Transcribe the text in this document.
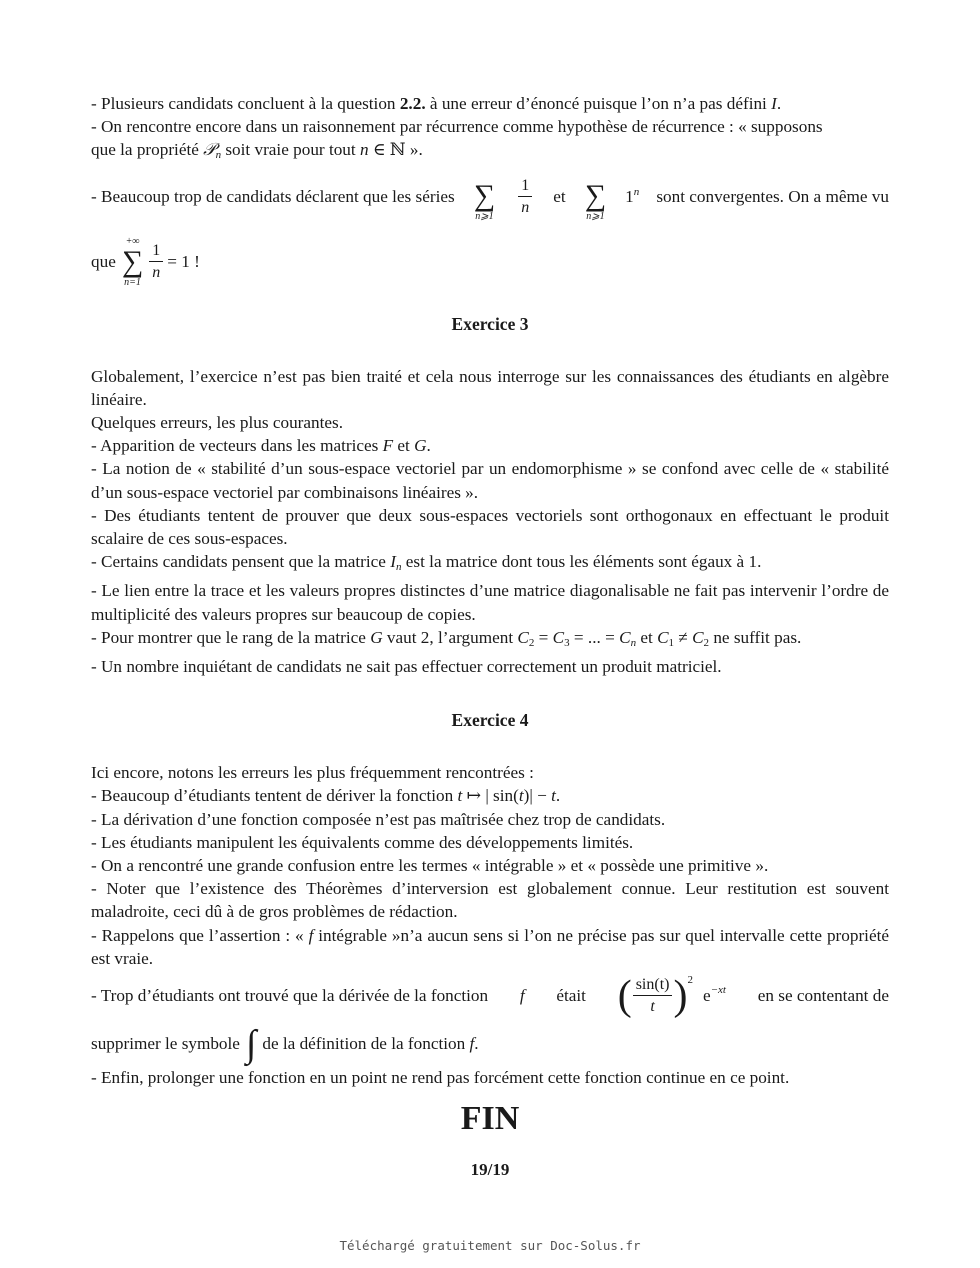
- Plusieurs candidats concluent à la question 2.2. à une erreur d’énoncé puisque l’on n’a pas défini I.

- On rencontre encore dans un raisonnement par récurrence comme hypothèse de récurrence : « supposons

que la propriété 𝒫$_n$ soit vraie pour tout n ∈ ℕ ».

- Beaucoup trop de candidats déclarent que les séries ∑
n⩾1
$\frac{1}{n}$ et ∑
n⩾1
1$^n$ sont convergentes. On a même vu
que
+∞
∑
n=1
$\frac{1}{n} = 1$ !
Exercice 3

Globalement, l’exercice n’est pas bien traité et cela nous interroge sur les connaissances des étudiants en algèbre linéaire.

Quelques erreurs, les plus courantes.

- Apparition de vecteurs dans les matrices F et G.

- La notion de « stabilité d’un sous-espace vectoriel par un endomorphisme » se confond avec celle de « stabilité d’un sous-espace vectoriel par combinaisons linéaires ».

- Des étudiants tentent de prouver que deux sous-espaces vectoriels sont orthogonaux en effectuant le produit scalaire de ces sous-espaces.

- Certains candidats pensent que la matrice $I_n$ est la matrice dont tous les éléments sont égaux à 1.

- Le lien entre la trace et les valeurs propres distinctes d’une matrice diagonalisable ne fait pas intervenir l’ordre de multiplicité des valeurs propres sur beaucoup de copies.

- Pour montrer que le rang de la matrice G vaut 2, l’argument $C_2 = C_3$ = ... = $C_n$ et $C_1 \ne C_2$ ne suffit pas.

- Un nombre inquiétant de candidats ne sait pas effectuer correctement un produit matriciel.

Exercice 4

Ici encore, notons les erreurs les plus fréquemment rencontrées :

- Beaucoup d’étudiants tentent de dériver la fonction t ↦ | sin(t)| − t.

- La dérivation d’une fonction composée n’est pas maîtrisée chez trop de candidats.

- Les étudiants manipulent les équivalents comme des développements limités.

- On a rencontré une grande confusion entre les termes « intégrable » et « possède une primitive ».

- Noter que l’existence des Théorèmes d’interversion est globalement connue. Leur restitution est souvent maladroite, ceci dû à de gros problèmes de rédaction.

- Rappelons que l’assertion : « f intégrable »n’a aucun sens si l’on ne précise pas sur quel intervalle cette propriété est vraie.

- Trop d’étudiants ont trouvé que la dérivée de la fonction f était ( $\frac{\sin(t)}{t}$ ) 2
e −xt en se contentant de
supprimer le symbole ∫ de la définition de la fonction
f .

- Enfin, prolonger une fonction en un point ne rend pas forcément cette fonction continue en ce point.

FIN
19/19
Téléchargé gratuitement sur Doc-Solus.fr
